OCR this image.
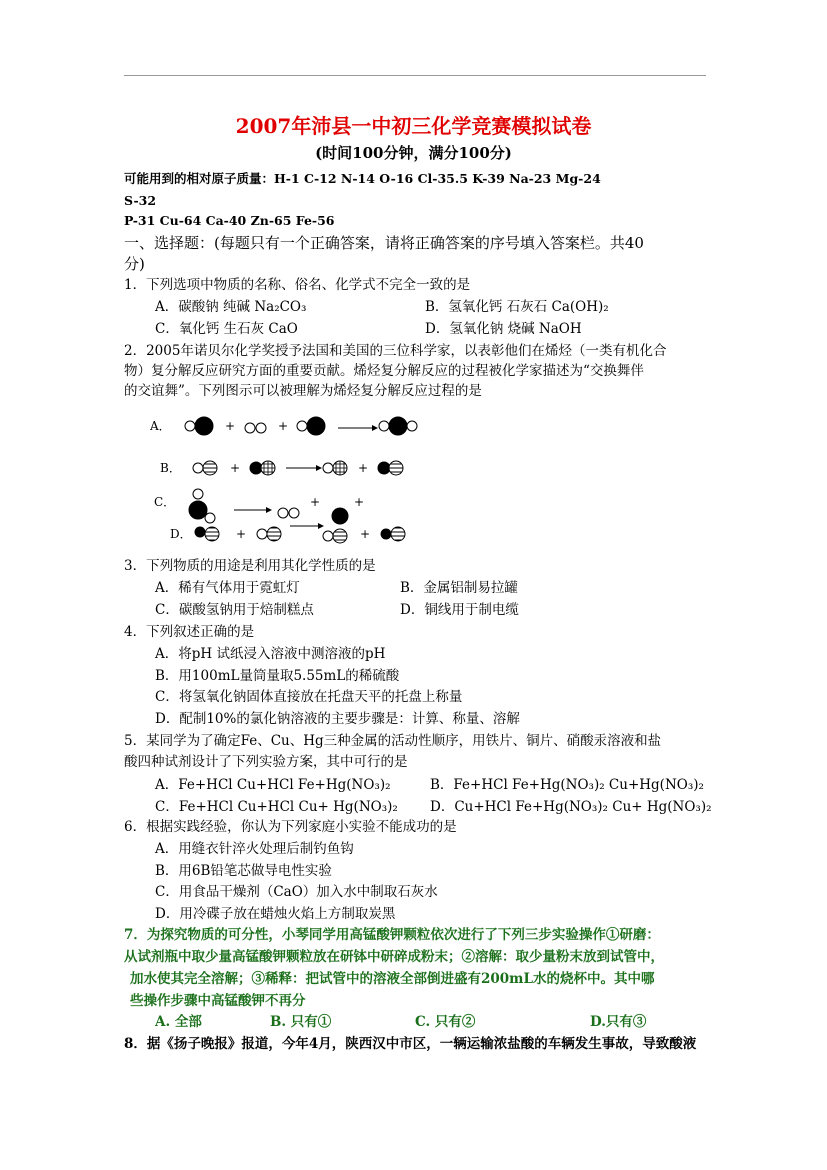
2007年沛县一中初三化学竞赛模拟试卷
(时间100分钟，满分100分)
可能用到的相对原子质量：H-1 C-12 N-14 O-16 Cl-35.5 K-39 Na-23 Mg-24
S-32
P-31 Cu-64 Ca-40 Zn-65 Fe-56
一、选择题：(每题只有一个正确答案，请将正确答案的序号填入答案栏。共40
分)
1．下列选项中物质的名称、俗名、化学式不完全一致的是
A．碳酸钠 纯碱 Na₂CO₃	B．氢氧化钙 石灰石 Ca(OH)₂
C．氧化钙 生石灰 CaO	D．氢氧化钠 烧碱 NaOH
2．2005年诺贝尔化学奖授予法国和美国的三位科学家，以表彰他们在烯烃（一类有机化合
物）复分解反应研究方面的重要贡献。烯烃复分解反应的过程被化学家描述为“交换舞伴
的交谊舞”。下列图示可以被理解为烯烃复分解反应过程的是
A．	+	+
B．	+	+
C．	+	+
D．	+	+
3．下列物质的用途是利用其化学性质的是
A．稀有气体用于霓虹灯	B．金属铝制易拉罐
C．碳酸氢钠用于焙制糕点	D．铜线用于制电缆
4．下列叙述正确的是
A．将pH 试纸浸入溶液中测溶液的pH
B．用100mL量筒量取5.55mL的稀硫酸
C．将氢氧化钠固体直接放在托盘天平的托盘上称量
D．配制10%的氯化钠溶液的主要步骤是：计算、称量、溶解
5．某同学为了确定Fe、Cu、Hg三种金属的活动性顺序，用铁片、铜片、硝酸汞溶液和盐
酸四种试剂设计了下列实验方案，其中可行的是
A．Fe+HCl Cu+HCl Fe+Hg(NO₃)₂	B．Fe+HCl Fe+Hg(NO₃)₂ Cu+Hg(NO₃)₂
C．Fe+HCl Cu+HCl Cu+ Hg(NO₃)₂ D．Cu+HCl Fe+Hg(NO₃)₂ Cu+ Hg(NO₃)₂
6．根据实践经验，你认为下列家庭小实验不能成功的是
A．用缝衣针淬火处理后制钓鱼钩
B．用6B铅笔芯做导电性实验
C．用食品干燥剂（CaO）加入水中制取石灰水
D．用冷碟子放在蜡烛火焰上方制取炭黑
7．为探究物质的可分性，小琴同学用高锰酸钾颗粒依次进行了下列三步实验操作①研磨：
从试剂瓶中取少量高锰酸钾颗粒放在研钵中研碎成粉末；②溶解：取少量粉末放到试管中，
加水使其完全溶解；③稀释：把试管中的溶液全部倒进盛有200mL水的烧杯中。其中哪
些操作步骤中高锰酸钾不再分
A. 全部	B. 只有①	C. 只有②	D.只有③
8．据《扬子晚报》报道，今年4月，陕西汉中市区，一辆运输浓盐酸的车辆发生事故，导致酸液
